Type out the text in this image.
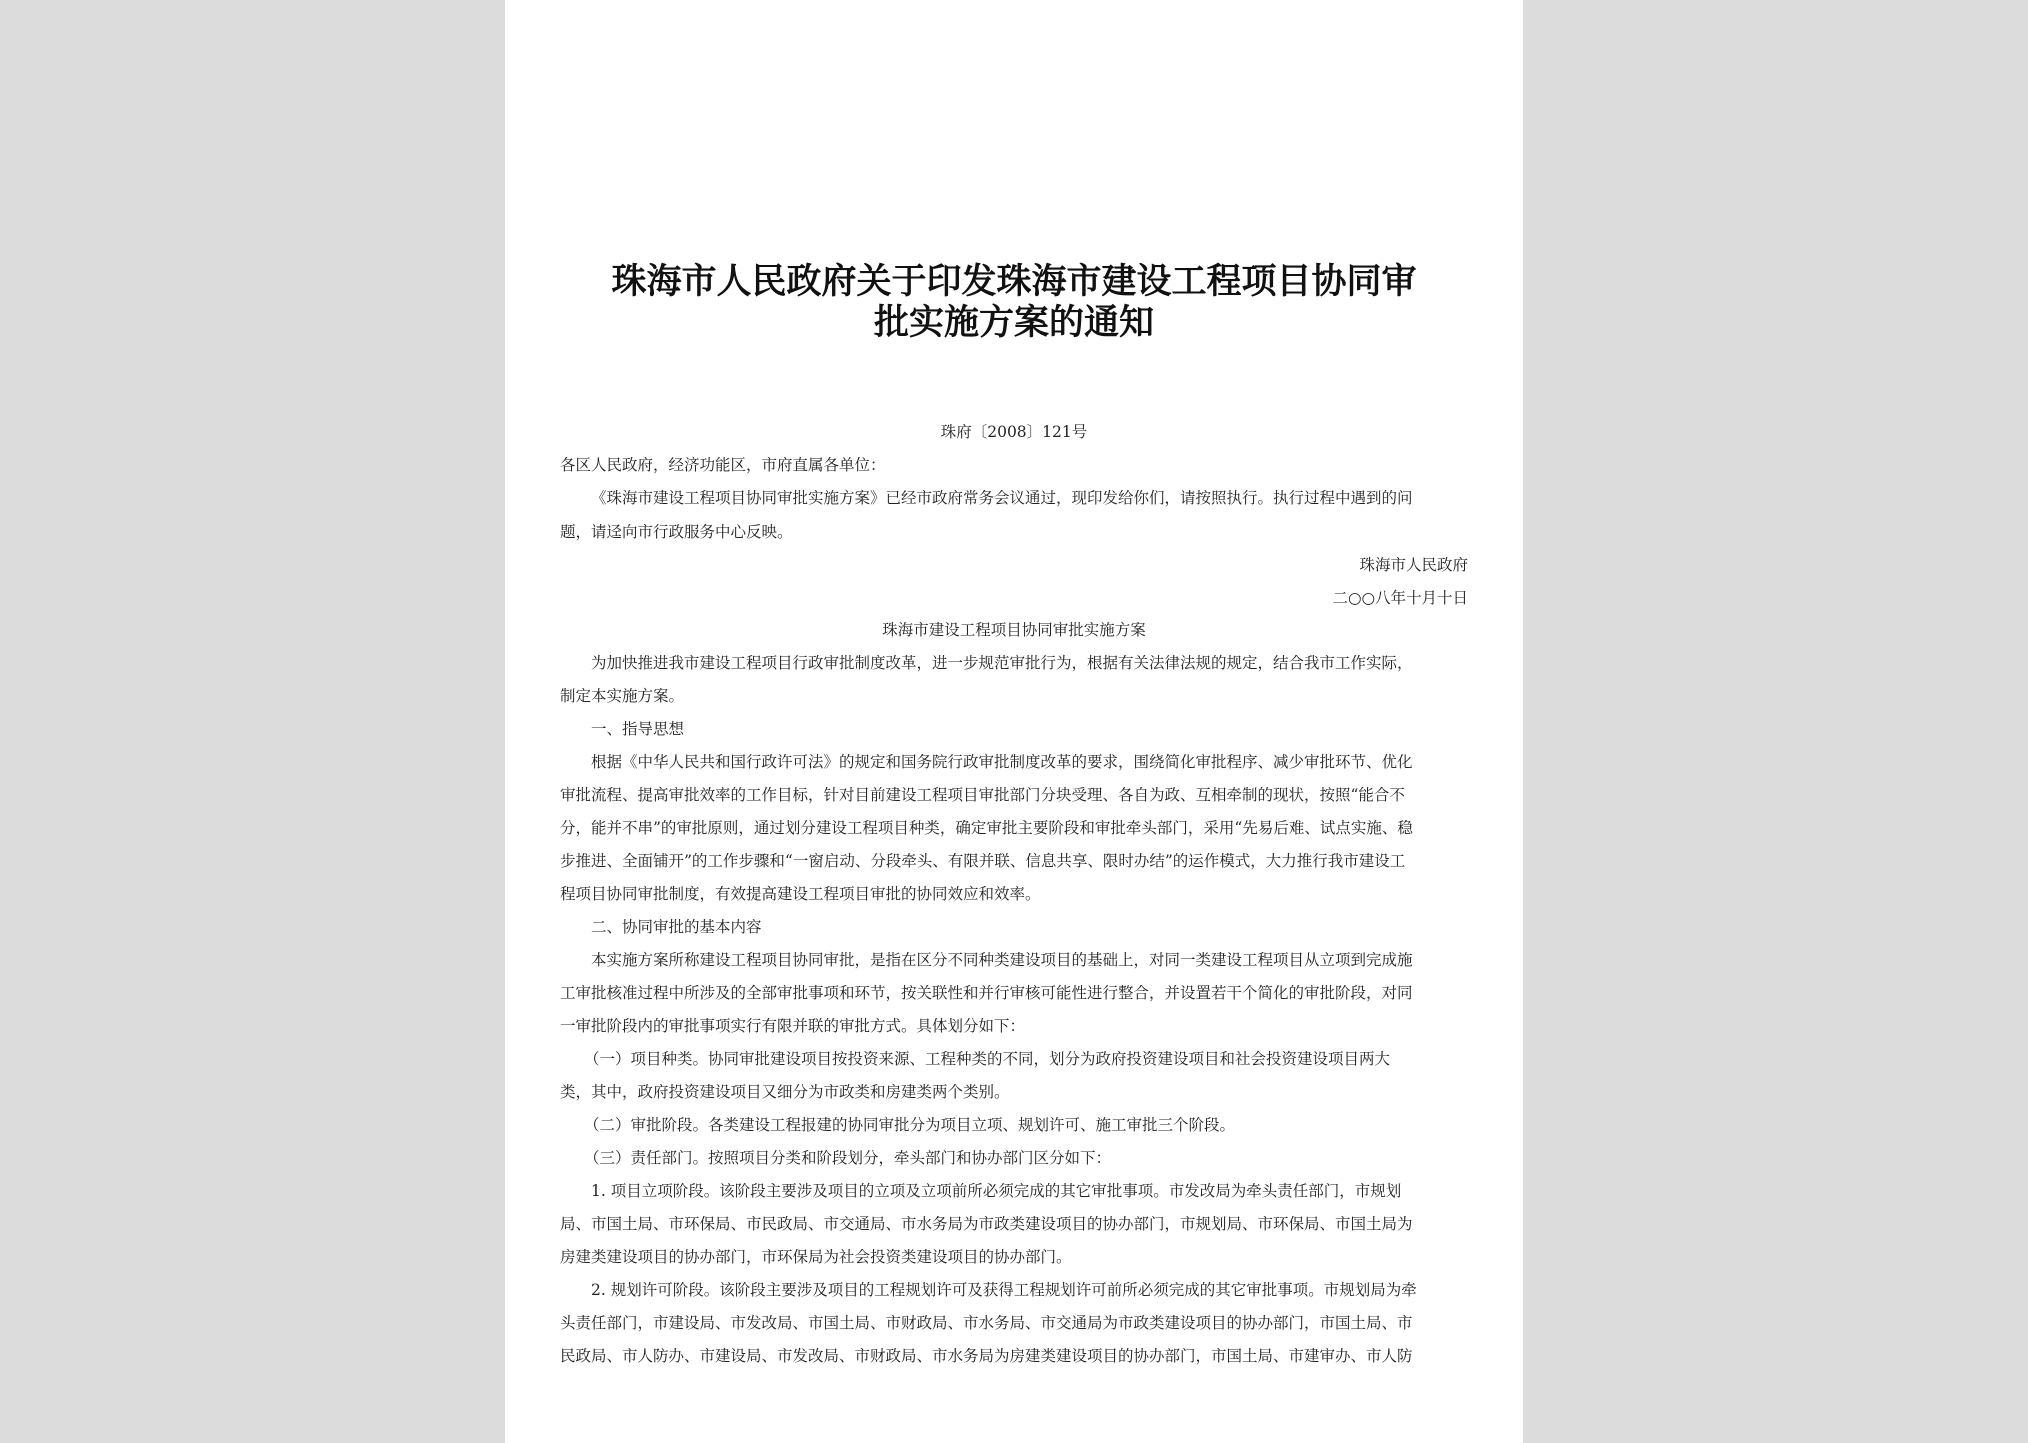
珠海市人民政府关于印发珠海市建设工程项目协同审
批实施方案的通知
珠府〔2008〕121号
各区人民政府，经济功能区，市府直属各单位：
《珠海市建设工程项目协同审批实施方案》已经市政府常务会议通过，现印发给你们，请按照执行。执行过程中遇到的问
题，请迳向市行政服务中心反映。
珠海市人民政府
二○○八年十月十日
珠海市建设工程项目协同审批实施方案
为加快推进我市建设工程项目行政审批制度改革，进一步规范审批行为，根据有关法律法规的规定，结合我市工作实际，
制定本实施方案。
一、指导思想
根据《中华人民共和国行政许可法》的规定和国务院行政审批制度改革的要求，围绕简化审批程序、减少审批环节、优化
审批流程、提高审批效率的工作目标，针对目前建设工程项目审批部门分块受理、各自为政、互相牵制的现状，按照“能合不
分，能并不串”的审批原则，通过划分建设工程项目种类，确定审批主要阶段和审批牵头部门，采用“先易后难、试点实施、稳
步推进、全面铺开”的工作步骤和“一窗启动、分段牵头、有限并联、信息共享、限时办结”的运作模式，大力推行我市建设工
程项目协同审批制度，有效提高建设工程项目审批的协同效应和效率。
二、协同审批的基本内容
本实施方案所称建设工程项目协同审批，是指在区分不同种类建设项目的基础上，对同一类建设工程项目从立项到完成施
工审批核准过程中所涉及的全部审批事项和环节，按关联性和并行审核可能性进行整合，并设置若干个简化的审批阶段，对同
一审批阶段内的审批事项实行有限并联的审批方式。具体划分如下：
（一）项目种类。协同审批建设项目按投资来源、工程种类的不同，划分为政府投资建设项目和社会投资建设项目两大
类，其中，政府投资建设项目又细分为市政类和房建类两个类别。
（二）审批阶段。各类建设工程报建的协同审批分为项目立项、规划许可、施工审批三个阶段。
（三）责任部门。按照项目分类和阶段划分，牵头部门和协办部门区分如下：
1. 项目立项阶段。该阶段主要涉及项目的立项及立项前所必须完成的其它审批事项。市发改局为牵头责任部门，市规划
局、市国土局、市环保局、市民政局、市交通局、市水务局为市政类建设项目的协办部门，市规划局、市环保局、市国土局为
房建类建设项目的协办部门，市环保局为社会投资类建设项目的协办部门。
2. 规划许可阶段。该阶段主要涉及项目的工程规划许可及获得工程规划许可前所必须完成的其它审批事项。市规划局为牵
头责任部门，市建设局、市发改局、市国土局、市财政局、市水务局、市交通局为市政类建设项目的协办部门，市国土局、市
民政局、市人防办、市建设局、市发改局、市财政局、市水务局为房建类建设项目的协办部门，市国土局、市建审办、市人防
